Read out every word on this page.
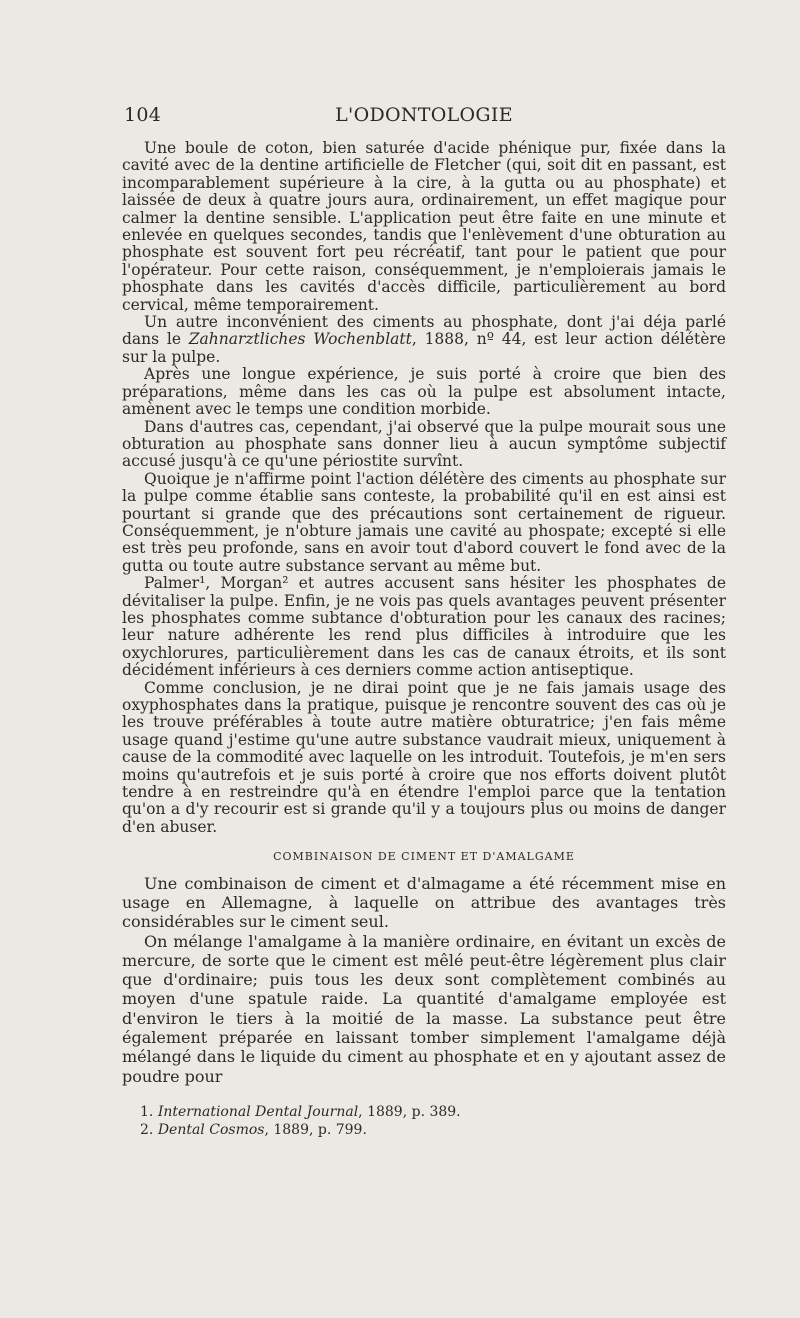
104	L'ODONTOLOGIE

Une boule de coton, bien saturée d'acide phénique pur, fixée dans la cavité avec de la dentine artificielle de Fletcher (qui, soit dit en passant, est incomparablement supérieure à la cire, à la gutta ou au phosphate) et laissée de deux à quatre jours aura, ordinairement, un effet magique pour calmer la dentine sensible. L'application peut être faite en une minute et enlevée en quelques secondes, tandis que l'enlèvement d'une obturation au phosphate est souvent fort peu récréatif, tant pour le patient que pour l'opérateur. Pour cette raison, conséquemment, je n'emploierais jamais le phosphate dans les cavités d'accès difficile, particulièrement au bord cervical, même temporairement.

Un autre inconvénient des ciments au phosphate, dont j'ai déja parlé dans le Zahnarztliches Wochenblatt, 1888, nº 44, est leur action délétère sur la pulpe.

Après une longue expérience, je suis porté à croire que bien des préparations, même dans les cas où la pulpe est absolument intacte, amènent avec le temps une condition morbide.

Dans d'autres cas, cependant, j'ai observé que la pulpe mourait sous une obturation au phosphate sans donner lieu à aucun symptôme subjectif accusé jusqu'à ce qu'une périostite survînt.

Quoique je n'affirme point l'action délétère des ciments au phosphate sur la pulpe comme établie sans conteste, la probabilité qu'il en est ainsi est pourtant si grande que des précautions sont certainement de rigueur. Conséquemment, je n'obture jamais une cavité au phospate; excepté si elle est très peu profonde, sans en avoir tout d'abord couvert le fond avec de la gutta ou toute autre substance servant au même but.

Palmer¹, Morgan² et autres accusent sans hésiter les phosphates de dévitaliser la pulpe. Enfin, je ne vois pas quels avantages peuvent présenter les phosphates comme subtance d'obturation pour les canaux des racines; leur nature adhérente les rend plus difficiles à introduire que les oxychlorures, particulièrement dans les cas de canaux étroits, et ils sont décidément inférieurs à ces derniers comme action antiseptique.

Comme conclusion, je ne dirai point que je ne fais jamais usage des oxyphosphates dans la pratique, puisque je rencontre souvent des cas où je les trouve préférables à toute autre matière obturatrice; j'en fais même usage quand j'estime qu'une autre substance vaudrait mieux, uniquement à cause de la commodité avec laquelle on les introduit. Toutefois, je m'en sers moins qu'autrefois et je suis porté à croire que nos efforts doivent plutôt tendre à en restreindre qu'à en étendre l'emploi parce que la tentation qu'on a d'y recourir est si grande qu'il y a toujours plus ou moins de danger d'en abuser.

COMBINAISON DE CIMENT ET D'AMALGAME

Une combinaison de ciment et d'almagame a été récemment mise en usage en Allemagne, à laquelle on attribue des avantages très considérables sur le ciment seul.

On mélange l'amalgame à la manière ordinaire, en évitant un excès de mercure, de sorte que le ciment est mêlé peut-être légèrement plus clair que d'ordinaire; puis tous les deux sont complètement combinés au moyen d'une spatule raide. La quantité d'amalgame employée est d'environ le tiers à la moitié de la masse. La substance peut être également préparée en laissant tomber simplement l'amalgame déjà mélangé dans le liquide du ciment au phosphate et en y ajoutant assez de poudre pour

1. International Dental Journal, 1889, p. 389.
2. Dental Cosmos, 1889, p. 799.
